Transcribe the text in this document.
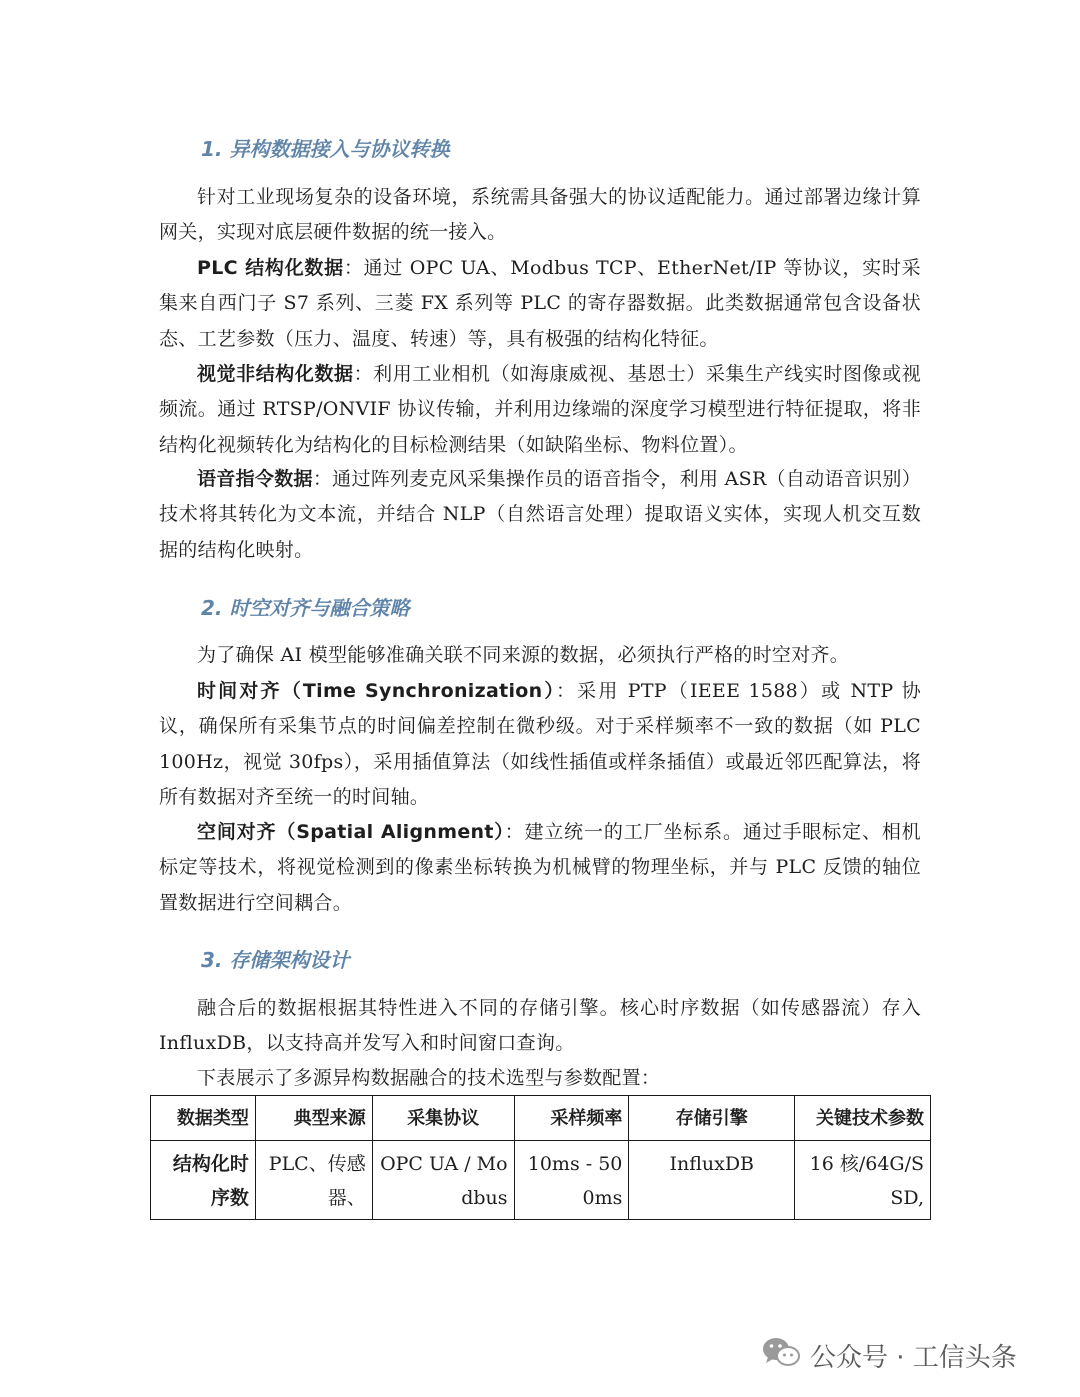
1. 异构数据接入与协议转换

针对工业现场复杂的设备环境，系统需具备强大的协议适配能力。通过部署边缘计算网关，实现对底层硬件数据的统一接入。

PLC 结构化数据：通过 OPC UA、Modbus TCP、EtherNet/IP 等协议，实时采集来自西门子 S7 系列、三菱 FX 系列等 PLC 的寄存器数据。此类数据通常包含设备状态、工艺参数（压力、温度、转速）等，具有极强的结构化特征。

视觉非结构化数据：利用工业相机（如海康威视、基恩士）采集生产线实时图像或视频流。通过 RTSP/ONVIF 协议传输，并利用边缘端的深度学习模型进行特征提取，将非结构化视频转化为结构化的目标检测结果（如缺陷坐标、物料位置）。

语音指令数据：通过阵列麦克风采集操作员的语音指令，利用 ASR（自动语音识别）技术将其转化为文本流，并结合 NLP（自然语言处理）提取语义实体，实现人机交互数据的结构化映射。

2. 时空对齐与融合策略

为了确保 AI 模型能够准确关联不同来源的数据，必须执行严格的时空对齐。

时间对齐（Time Synchronization）：采用 PTP（IEEE 1588）或 NTP 协议，确保所有采集节点的时间偏差控制在微秒级。对于采样频率不一致的数据（如 PLC 100Hz，视觉 30fps），采用插值算法（如线性插值或样条插值）或最近邻匹配算法，将所有数据对齐至统一的时间轴。

空间对齐（Spatial Alignment）：建立统一的工厂坐标系。通过手眼标定、相机标定等技术，将视觉检测到的像素坐标转换为机械臂的物理坐标，并与 PLC 反馈的轴位置数据进行空间耦合。

3. 存储架构设计

融合后的数据根据其特性进入不同的存储引擎。核心时序数据（如传感器流）存入 InfluxDB，以支持高并发写入和时间窗口查询。

下表展示了多源异构数据融合的技术选型与参数配置：

数据类型	典型来源	采集协议	采样频率	存储引擎	关键技术参数
结构化时序数	PLC、传感器、	OPC UA / Modbus	10ms - 500ms	InfluxDB	16 核/64G/SSD,
公众号 · 工信头条
